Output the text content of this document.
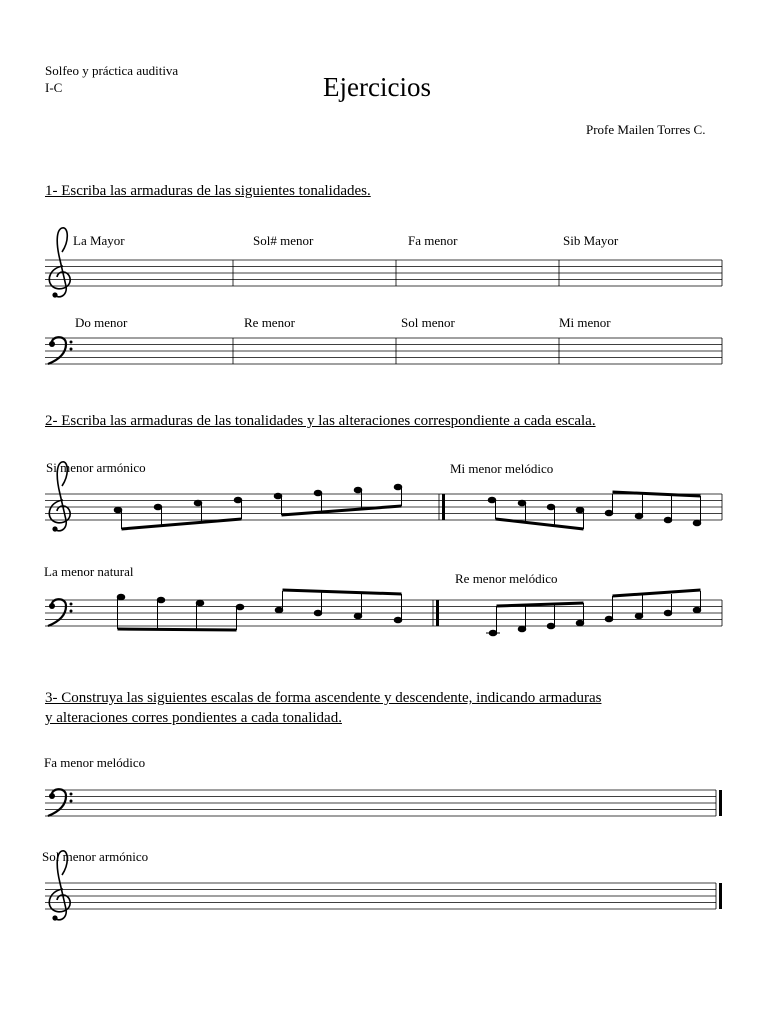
Solfeo y práctica auditiva
I-C	Ejercicios
Profe Mailen Torres C.
1- Escriba las armaduras de las siguientes tonalidades.
2- Escriba las armaduras de las tonalidades y las alteraciones correspondiente a cada escala.
3- Construya las siguientes escalas de forma ascendente y descendente, indicando armaduras
y alteraciones corres pondientes a cada tonalidad.
La Mayor	Sol# menor	Fa menor	Sib Mayor
Do menor	Re menor	Sol menor	Mi menor
Si menor armónico	Mi menor melódico
La menor natural	Re menor melódico
Fa menor melódico
Sol menor armónico
